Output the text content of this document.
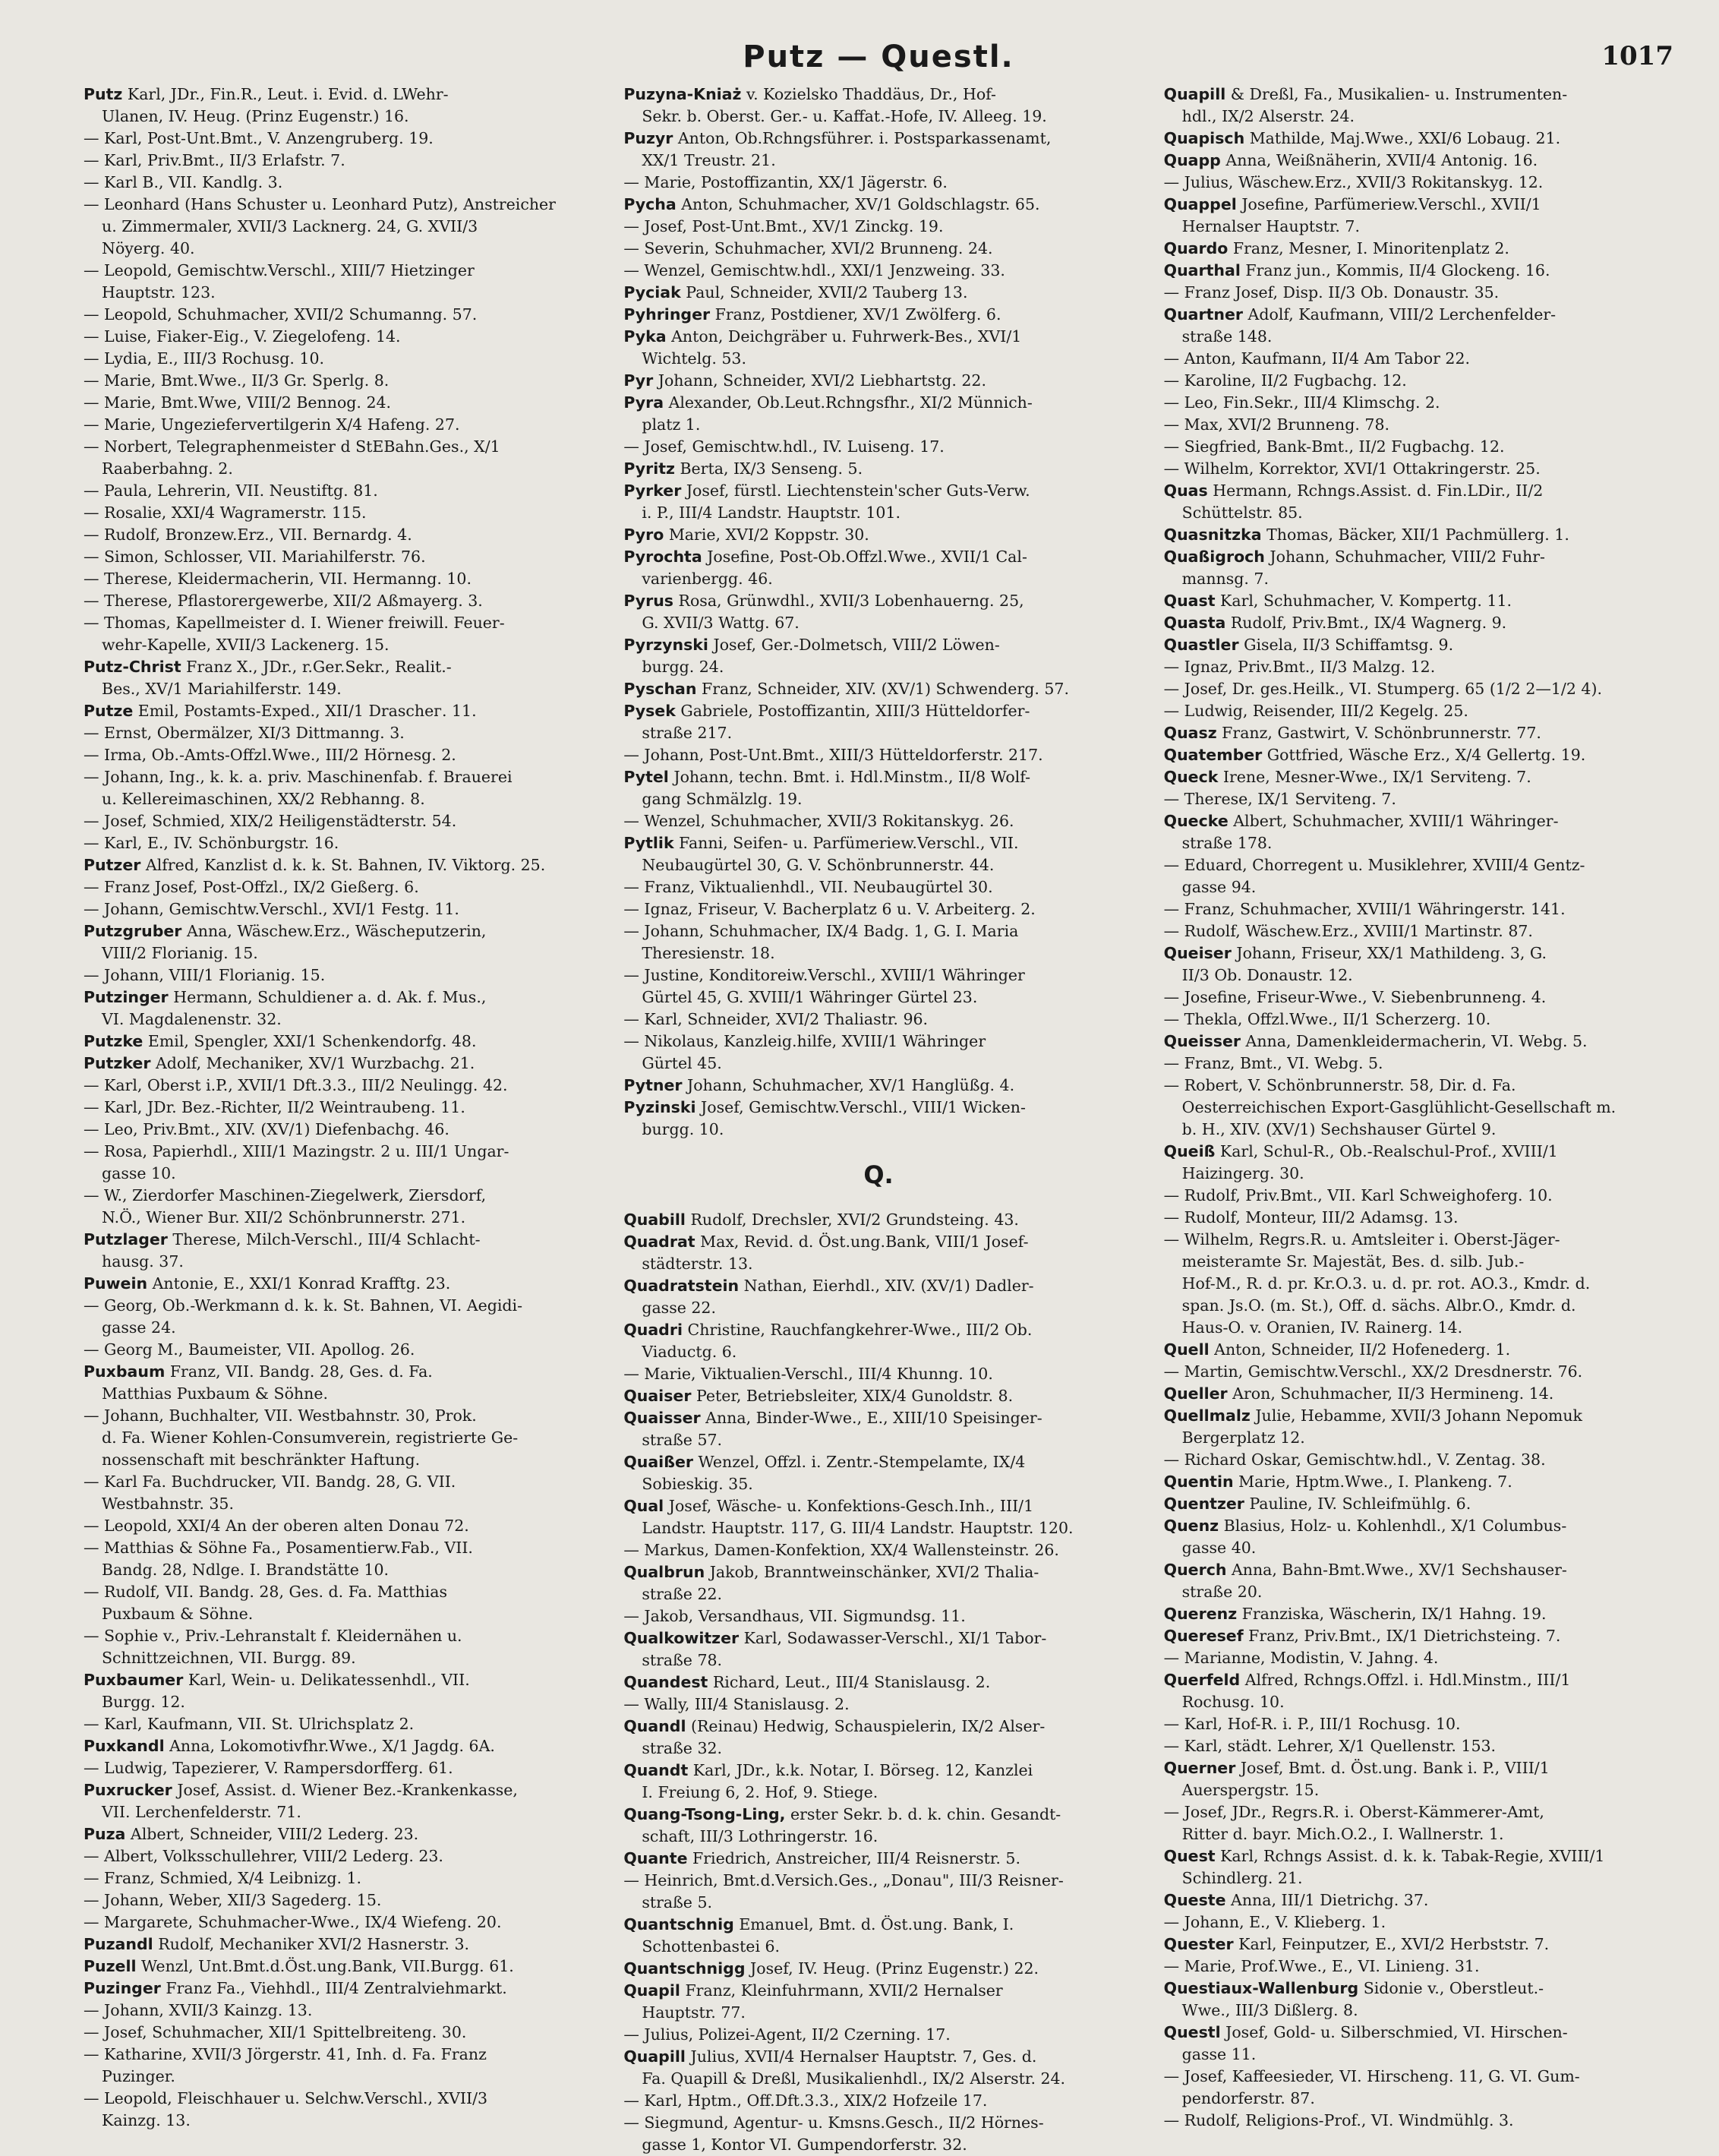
Putz — Questl.	1017
Putz Karl, JDr., Fin.R., Leut. i. Evid. d. LWehr-
Ulanen, IV. Heug. (Prinz Eugenstr.) 16.
— Karl, Post-Unt.Bmt., V. Anzengruberg. 19.
— Karl, Priv.Bmt., II/3 Erlafstr. 7.
— Karl B., VII. Kandlg. 3.
— Leonhard (Hans Schuster u. Leonhard Putz), Anstreicher
u. Zimmermaler, XVII/3 Lacknerg. 24, G. XVII/3
Nöyerg. 40.
— Leopold, Gemischtw.Verschl., XIII/7 Hietzinger
Hauptstr. 123.
— Leopold, Schuhmacher, XVII/2 Schumanng. 57.
— Luise, Fiaker-Eig., V. Ziegelofeng. 14.
— Lydia, E., III/3 Rochusg. 10.
— Marie, Bmt.Wwe., II/3 Gr. Sperlg. 8.
— Marie, Bmt.Wwe, VIII/2 Bennog. 24.
— Marie, Ungeziefervertilgerin X/4 Hafeng. 27.
— Norbert, Telegraphenmeister d StEBahn.Ges., X/1
Raaberbahng. 2.
— Paula, Lehrerin, VII. Neustiftg. 81.
— Rosalie, XXI/4 Wagramerstr. 115.
— Rudolf, Bronzew.Erz., VII. Bernardg. 4.
— Simon, Schlosser, VII. Mariahilferstr. 76.
— Therese, Kleidermacherin, VII. Hermanng. 10.
— Therese, Pflastorergewerbe, XII/2 Aßmayerg. 3.
— Thomas, Kapellmeister d. I. Wiener freiwill. Feuer-
wehr-Kapelle, XVII/3 Lackenerg. 15.
Putz-Christ Franz X., JDr., r.Ger.Sekr., Realit.-
Bes., XV/1 Mariahilferstr. 149.
Putze Emil, Postamts-Exped., XII/1 Draschег. 11.
— Ernst, Obermälzer, XI/3 Dittmanng. 3.
— Irma, Ob.-Amts-Offzl.Wwe., III/2 Hörnesg. 2.
— Johann, Ing., k. k. a. priv. Maschinenfab. f. Brauerei
u. Kellereimaschinen, XX/2 Rebhanng. 8.
— Josef, Schmied, XIX/2 Heiligenstädterstr. 54.
— Karl, E., IV. Schönburgstr. 16.
Putzer Alfred, Kanzlist d. k. k. St. Bahnen, IV. Viktorg. 25.
— Franz Josef, Post-Offzl., IX/2 Gießerg. 6.
— Johann, Gemischtw.Verschl., XVI/1 Festg. 11.
Putzgruber Anna, Wäschew.Erz., Wäscheputzerin,
VIII/2 Florianig. 15.
— Johann, VIII/1 Florianig. 15.
Putzinger Hermann, Schuldiener a. d. Ak. f. Mus.,
VI. Magdalenenstr. 32.
Putzke Emil, Spengler, XXI/1 Schenkendorfg. 48.
Putzker Adolf, Mechaniker, XV/1 Wurzbachg. 21.
— Karl, Oberst i.P., XVII/1 Dft.3.3., III/2 Neulingg. 42.
— Karl, JDr. Bez.-Richter, II/2 Weintraubeng. 11.
— Leo, Priv.Bmt., XIV. (XV/1) Diefenbachg. 46.
— Rosa, Papierhdl., XIII/1 Mazingstr. 2 u. III/1 Ungar-
gasse 10.
— W., Zierdorfer Maschinen-Ziegelwerk, Ziersdorf,
N.Ö., Wiener Bur. XII/2 Schönbrunnerstr. 271.
Putzlager Therese, Milch-Verschl., III/4 Schlacht-
hausg. 37.
Puwein Antonie, E., XXI/1 Konrad Krafftg. 23.
— Georg, Ob.-Werkmann d. k. k. St. Bahnen, VI. Aegidi-
gasse 24.
— Georg M., Baumeister, VII. Apollog. 26.
Puxbaum Franz, VII. Bandg. 28, Ges. d. Fa.
Matthias Puxbaum & Söhne.
— Johann, Buchhalter, VII. Westbahnstr. 30, Prok.
d. Fa. Wiener Kohlen-Consumverein, registrierte Ge-
nossenschaft mit beschränkter Haftung.
— Karl Fa. Buchdrucker, VII. Bandg. 28, G. VII.
Westbahnstr. 35.
— Leopold, XXI/4 An der oberen alten Donau 72.
— Matthias & Söhne Fa., Posamentierw.Fab., VII.
Bandg. 28, Ndlge. I. Brandstätte 10.
— Rudolf, VII. Bandg. 28, Ges. d. Fa. Matthias
Puxbaum & Söhne.
— Sophie v., Priv.-Lehranstalt f. Kleidernähen u.
Schnittzeichnen, VII. Burgg. 89.
Puxbaumer Karl, Wein- u. Delikatessenhdl., VII.
Burgg. 12.
— Karl, Kaufmann, VII. St. Ulrichsplatz 2.
Puxkandl Anna, Lokomotivfhr.Wwe., X/1 Jagdg. 6A.
— Ludwig, Tapezierer, V. Rampersdorfferg. 61.
Puxrucker Josef, Assist. d. Wiener Bez.-Krankenkasse,
VII. Lerchenfelderstr. 71.
Puza Albert, Schneider, VIII/2 Lederg. 23.
— Albert, Volksschullehrer, VIII/2 Lederg. 23.
— Franz, Schmied, X/4 Leibnizg. 1.
— Johann, Weber, XII/3 Sagederg. 15.
— Margarete, Schuhmacher-Wwe., IX/4 Wiefeng. 20.
Puzandl Rudolf, Mechaniker XVI/2 Hasnerstr. 3.
Puzell Wenzl, Unt.Bmt.d.Öst.ung.Bank, VII.Burgg. 61.
Puzinger Franz Fa., Viehhdl., III/4 Zentralviehmarkt.
— Johann, XVII/3 Kainzg. 13.
— Josef, Schuhmacher, XII/1 Spittelbreiteng. 30.
— Katharine, XVII/3 Jörgerstr. 41, Inh. d. Fa. Franz
Puzinger.
— Leopold, Fleischhauer u. Selchw.Verschl., XVII/3
Kainzg. 13.
Puzyna-Kniaż v. Kozielsko Thaddäus, Dr., Hof-
Sekr. b. Oberst. Ger.- u. Kaffat.-Hofe, IV. Alleeg. 19.
Puzyr Anton, Ob.Rchngsführer. i. Postsparkassenamt,
XX/1 Treustr. 21.
— Marie, Postoffizantin, XX/1 Jägerstr. 6.
Pycha Anton, Schuhmacher, XV/1 Goldschlagstr. 65.
— Josef, Post-Unt.Bmt., XV/1 Zinckg. 19.
— Severin, Schuhmacher, XVI/2 Brunneng. 24.
— Wenzel, Gemischtw.hdl., XXI/1 Jenzweing. 33.
Pyciak Paul, Schneider, XVII/2 Tauberg 13.
Pyhringer Franz, Postdiener, XV/1 Zwölferg. 6.
Pyka Anton, Deichgräber u. Fuhrwerk-Bes., XVI/1
Wichtelg. 53.
Pyr Johann, Schneider, XVI/2 Liebhartstg. 22.
Pyra Alexander, Ob.Leut.Rchngsfhr., XI/2 Münnich-
platz 1.
— Josef, Gemischtw.hdl., IV. Luiseng. 17.
Pyritz Berta, IX/3 Senseng. 5.
Pyrker Josef, fürstl. Liechtenstein'scher Guts-Verw.
i. P., III/4 Landstr. Hauptstr. 101.
Pyro Marie, XVI/2 Koppstr. 30.
Pyrochta Josefine, Post-Ob.Offzl.Wwe., XVII/1 Cal-
varienbergg. 46.
Pyrus Rosa, Grünwdhl., XVII/3 Lobenhauerng. 25,
G. XVII/3 Wattg. 67.
Pyrzynski Josef, Ger.-Dolmetsch, VIII/2 Löwen-
burgg. 24.
Pyschan Franz, Schneider, XIV. (XV/1) Schwenderg. 57.
Pysek Gabriele, Postoffizantin, XIII/3 Hütteldorfer-
straße 217.
— Johann, Post-Unt.Bmt., XIII/3 Hütteldorferstr. 217.
Pytel Johann, techn. Bmt. i. Hdl.Minstm., II/8 Wolf-
gang Schmälzlg. 19.
— Wenzel, Schuhmacher, XVII/3 Rokitanskyg. 26.
Pytlik Fanni, Seifen- u. Parfümeriew.Verschl., VII.
Neubaugürtel 30, G. V. Schönbrunnerstr. 44.
— Franz, Viktualienhdl., VII. Neubaugürtel 30.
— Ignaz, Friseur, V. Bacherplatz 6 u. V. Arbeiterg. 2.
— Johann, Schuhmacher, IX/4 Badg. 1, G. I. Maria
Theresienstr. 18.
— Justine, Konditoreiw.Verschl., XVIII/1 Währinger
Gürtel 45, G. XVIII/1 Währinger Gürtel 23.
— Karl, Schneider, XVI/2 Thaliastr. 96.
— Nikolaus, Kanzleig.hilfe, XVIII/1 Währinger
Gürtel 45.
Pytner Johann, Schuhmacher, XV/1 Hanglüßg. 4.
Pyzinski Josef, Gemischtw.Verschl., VIII/1 Wicken-
burgg. 10.
Q.
Quabill Rudolf, Drechsler, XVI/2 Grundsteing. 43.
Quadrat Max, Revid. d. Öst.ung.Bank, VIII/1 Josef-
städterstr. 13.
Quadratstein Nathan, Eierhdl., XIV. (XV/1) Dadler-
gasse 22.
Quadri Christine, Rauchfangkehrer-Wwe., III/2 Ob.
Viaductg. 6.
— Marie, Viktualien-Verschl., III/4 Khunng. 10.
Quaiser Peter, Betriebsleiter, XIX/4 Gunoldstr. 8.
Quaisser Anna, Binder-Wwe., E., XIII/10 Speisinger-
straße 57.
Quaißer Wenzel, Offzl. i. Zentr.-Stempelamte, IX/4
Sobieskig. 35.
Qual Josef, Wäsche- u. Konfektions-Gesch.Inh., III/1
Landstr. Hauptstr. 117, G. III/4 Landstr. Hauptstr. 120.
— Markus, Damen-Konfektion, XX/4 Wallensteinstr. 26.
Qualbrun Jakob, Branntweinschänker, XVI/2 Thalia-
straße 22.
— Jakob, Versandhaus, VII. Sigmundsg. 11.
Qualkowitzer Karl, Sodawasser-Verschl., XI/1 Tabor-
straße 78.
Quandest Richard, Leut., III/4 Stanislausg. 2.
— Wally, III/4 Stanislausg. 2.
Quandl (Reinau) Hedwig, Schauspielerin, IX/2 Alser-
straße 32.
Quandt Karl, JDr., k.k. Notar, I. Börseg. 12, Kanzlei
I. Freiung 6, 2. Hof, 9. Stiege.
Quang-Tsong-Ling, erster Sekr. b. d. k. chin. Gesandt-
schaft, III/3 Lothringerstr. 16.
Quante Friedrich, Anstreicher, III/4 Reisnerstr. 5.
— Heinrich, Bmt.d.Versich.Ges., „Donau", III/3 Reisner-
straße 5.
Quantschnig Emanuel, Bmt. d. Öst.ung. Bank, I.
Schottenbastei 6.
Quantschnigg Josef, IV. Heug. (Prinz Eugenstr.) 22.
Quapil Franz, Kleinfuhrmann, XVII/2 Hernalser
Hauptstr. 77.
— Julius, Polizei-Agent, II/2 Czerning. 17.
Quapill Julius, XVII/4 Hernalser Hauptstr. 7, Ges. d.
Fa. Quapill & Dreßl, Musikalienhdl., IX/2 Alserstr. 24.
— Karl, Hptm., Off.Dft.3.3., XIX/2 Hofzeile 17.
— Siegmund, Agentur- u. Kmsns.Gesch., II/2 Hörnes-
gasse 1, Kontor VI. Gumpendorferstr. 32.
Quapill & Dreßl, Fa., Musikalien- u. Instrumenten-
hdl., IX/2 Alserstr. 24.
Quapisch Mathilde, Maj.Wwe., XXI/6 Lobaug. 21.
Quapp Anna, Weißnäherin, XVII/4 Antonig. 16.
— Julius, Wäschew.Erz., XVII/3 Rokitanskyg. 12.
Quappel Josefine, Parfümeriew.Verschl., XVII/1
Hernalser Hauptstr. 7.
Quardo Franz, Mesner, I. Minoritenplatz 2.
Quarthal Franz jun., Kommis, II/4 Glockeng. 16.
— Franz Josef, Disp. II/3 Ob. Donaustr. 35.
Quartner Adolf, Kaufmann, VIII/2 Lerchenfelder-
straße 148.
— Anton, Kaufmann, II/4 Am Tabor 22.
— Karoline, II/2 Fugbachg. 12.
— Leo, Fin.Sekr., III/4 Klimschg. 2.
— Max, XVI/2 Brunneng. 78.
— Siegfried, Bank-Bmt., II/2 Fugbachg. 12.
— Wilhelm, Korrektor, XVI/1 Ottakringerstr. 25.
Quas Hermann, Rchngs.Assist. d. Fin.LDir., II/2
Schüttelstr. 85.
Quasnitzka Thomas, Bäcker, XII/1 Pachmüllerg. 1.
Quaßigroch Johann, Schuhmacher, VIII/2 Fuhr-
mannsg. 7.
Quast Karl, Schuhmacher, V. Kompertg. 11.
Quasta Rudolf, Priv.Bmt., IX/4 Wagnerg. 9.
Quastler Gisela, II/3 Schiffamtsg. 9.
— Ignaz, Priv.Bmt., II/3 Malzg. 12.
— Josef, Dr. ges.Heilk., VI. Stumperg. 65 (1/2 2—1/2 4).
— Ludwig, Reisender, III/2 Kegelg. 25.
Quasz Franz, Gastwirt, V. Schönbrunnerstr. 77.
Quatember Gottfried, Wäsche Erz., X/4 Gellertg. 19.
Queck Irene, Mesner-Wwe., IX/1 Serviteng. 7.
— Therese, IX/1 Serviteng. 7.
Quecke Albert, Schuhmacher, XVIII/1 Währinger-
straße 178.
— Eduard, Chorregent u. Musiklehrer, XVIII/4 Gentz-
gasse 94.
— Franz, Schuhmacher, XVIII/1 Währingerstr. 141.
— Rudolf, Wäschew.Erz., XVIII/1 Martinstr. 87.
Queiser Johann, Friseur, XX/1 Mathildeng. 3, G.
II/3 Ob. Donaustr. 12.
— Josefine, Friseur-Wwe., V. Siebenbrunneng. 4.
— Thekla, Offzl.Wwe., II/1 Scherzerg. 10.
Queisser Anna, Damenkleidermacherin, VI. Webg. 5.
— Franz, Bmt., VI. Webg. 5.
— Robert, V. Schönbrunnerstr. 58, Dir. d. Fa.
Oesterreichischen Export-Gasglühlicht-Gesellschaft m.
b. H., XIV. (XV/1) Sechshauser Gürtel 9.
Queiß Karl, Schul-R., Ob.-Realschul-Prof., XVIII/1
Haizingerg. 30.
— Rudolf, Priv.Bmt., VII. Karl Schweighoferg. 10.
— Rudolf, Monteur, III/2 Adamsg. 13.
— Wilhelm, Regrs.R. u. Amtsleiter i. Oberst-Jäger-
meisteramte Sr. Majestät, Bes. d. silb. Jub.-
Hof-M., R. d. pr. Kr.O.3. u. d. pr. rot. AO.3., Kmdr. d.
span. Js.O. (m. St.), Off. d. sächs. Albr.O., Kmdr. d.
Haus-O. v. Oranien, IV. Rainerg. 14.
Quell Anton, Schneider, II/2 Hofenederg. 1.
— Martin, Gemischtw.Verschl., XX/2 Dresdnerstr. 76.
Queller Aron, Schuhmacher, II/3 Hermineng. 14.
Quellmalz Julie, Hebamme, XVII/3 Johann Nepomuk
Bergerplatz 12.
— Richard Oskar, Gemischtw.hdl., V. Zentag. 38.
Quentin Marie, Hptm.Wwe., I. Plankeng. 7.
Quentzer Pauline, IV. Schleifmühlg. 6.
Quenz Blasius, Holz- u. Kohlenhdl., X/1 Columbus-
gasse 40.
Querch Anna, Bahn-Bmt.Wwe., XV/1 Sechshauser-
straße 20.
Querenz Franziska, Wäscherin, IX/1 Hahng. 19.
Queresef Franz, Priv.Bmt., IX/1 Dietrichsteing. 7.
— Marianne, Modistin, V. Jahng. 4.
Querfeld Alfred, Rchngs.Offzl. i. Hdl.Minstm., III/1
Rochusg. 10.
— Karl, Hof-R. i. P., III/1 Rochusg. 10.
— Karl, städt. Lehrer, X/1 Quellenstr. 153.
Querner Josef, Bmt. d. Öst.ung. Bank i. P., VIII/1
Auerspergstr. 15.
— Josef, JDr., Regrs.R. i. Oberst-Kämmerer-Amt,
Ritter d. bayr. Mich.O.2., I. Wallnerstr. 1.
Quest Karl, Rchngs Assist. d. k. k. Tabak-Regie, XVIII/1
Schindlerg. 21.
Queste Anna, III/1 Dietrichg. 37.
— Johann, E., V. Klieberg. 1.
Quester Karl, Feinputzer, E., XVI/2 Herbststr. 7.
— Marie, Prof.Wwe., E., VI. Linieng. 31.
Questiaux-Wallenburg Sidonie v., Oberstleut.-
Wwe., III/3 Dißlerg. 8.
Questl Josef, Gold- u. Silberschmied, VI. Hirschen-
gasse 11.
— Josef, Kaffeesieder, VI. Hirscheng. 11, G. VI. Gum-
pendorferstr. 87.
— Rudolf, Religions-Prof., VI. Windmühlg. 3.
